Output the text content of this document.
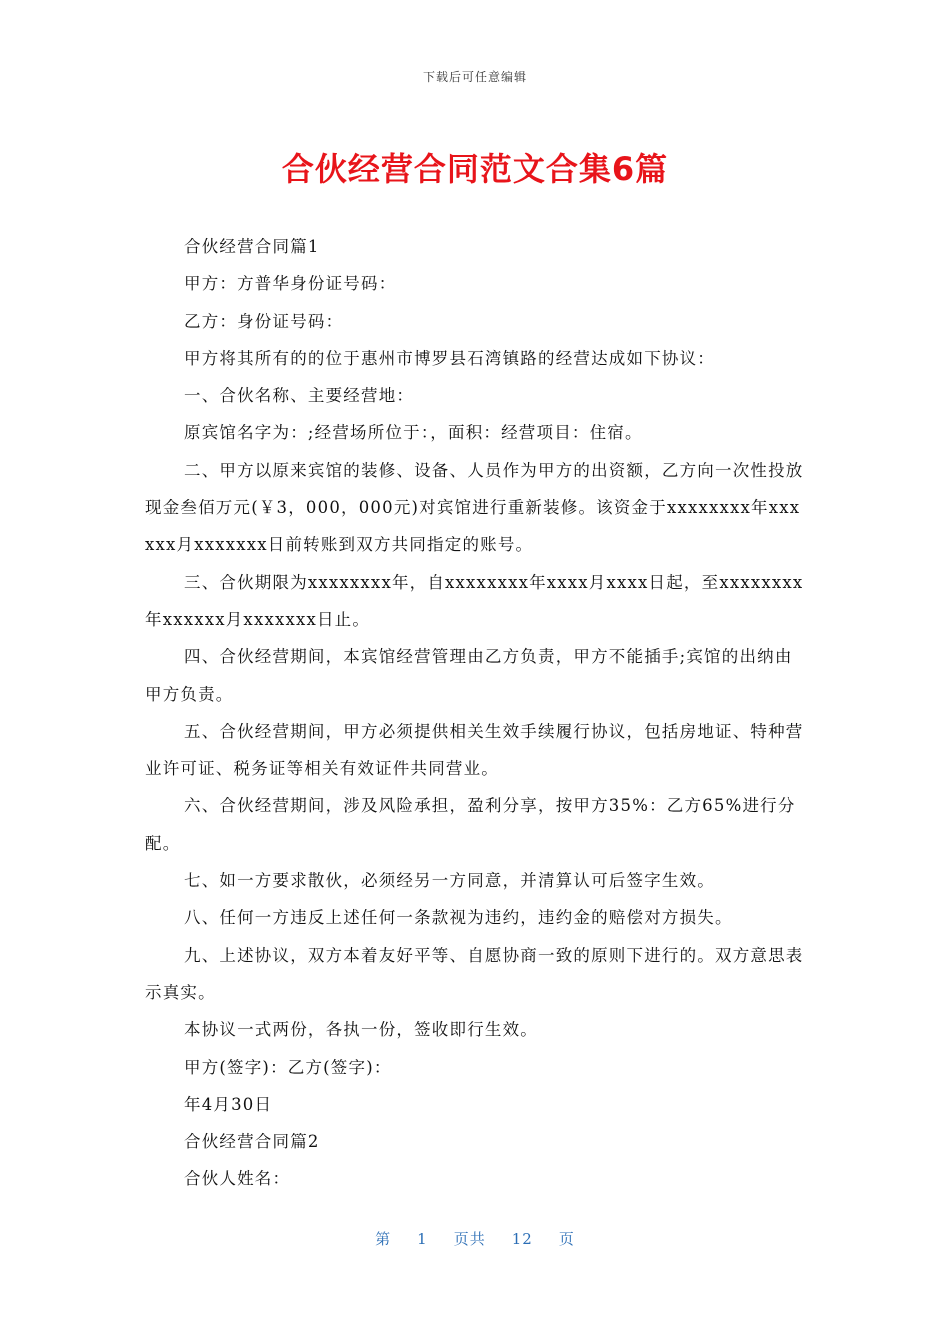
下载后可任意编辑
合伙经营合同范文合集6篇

合伙经营合同篇1

甲方：方普华身份证号码：

乙方：身份证号码：

甲方将其所有的的位于惠州市博罗县石湾镇路的经营达成如下协议：

一、合伙名称、主要经营地：

原宾馆名字为：;经营场所位于：，面积：经营项目：住宿。

二、甲方以原来宾馆的装修、设备、人员作为甲方的出资额，乙方向一次性投放现金叁佰万元(￥3，000，000元)对宾馆进行重新装修。该资金于xxxxxxxx年xxxxxx月xxxxxxx日前转账到双方共同指定的账号。

三、合伙期限为xxxxxxxx年，自xxxxxxxx年xxxx月xxxx日起，至xxxxxxxx年xxxxxx月xxxxxxx日止。

四、合伙经营期间，本宾馆经营管理由乙方负责，甲方不能插手;宾馆的出纳由甲方负责。

五、合伙经营期间，甲方必须提供相关生效手续履行协议，包括房地证、特种营业许可证、税务证等相关有效证件共同营业。

六、合伙经营期间，涉及风险承担，盈利分享，按甲方35%：乙方65%进行分配。

七、如一方要求散伙，必须经另一方同意，并清算认可后签字生效。

八、任何一方违反上述任何一条款视为违约，违约金的赔偿对方损失。

九、上述协议，双方本着友好平等、自愿协商一致的原则下进行的。双方意思表示真实。

本协议一式两份，各执一份，签收即行生效。

甲方(签字)：乙方(签字)：

年4月30日

合伙经营合同篇2

合伙人姓名：

第 1 页共 12 页
